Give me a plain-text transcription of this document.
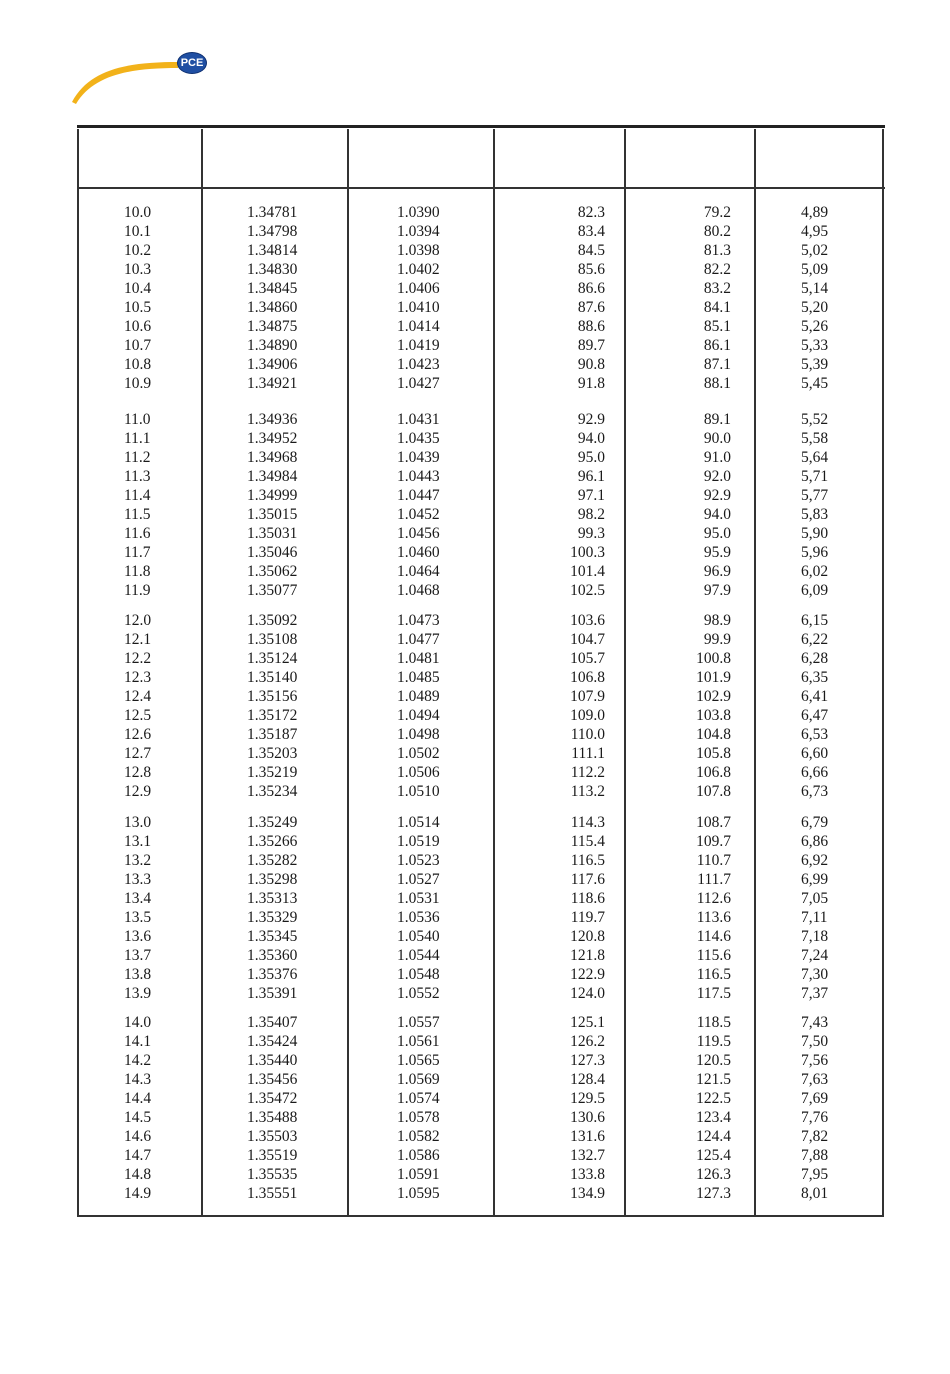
PCE
10.0	1.34781	1.0390	82.3	79.2	4,89
10.1	1.34798	1.0394	83.4	80.2	4,95
10.2	1.34814	1.0398	84.5	81.3	5,02
10.3	1.34830	1.0402	85.6	82.2	5,09
10.4	1.34845	1.0406	86.6	83.2	5,14
10.5	1.34860	1.0410	87.6	84.1	5,20
10.6	1.34875	1.0414	88.6	85.1	5,26
10.7	1.34890	1.0419	89.7	86.1	5,33
10.8	1.34906	1.0423	90.8	87.1	5,39
10.9	1.34921	1.0427	91.8	88.1	5,45
11.0	1.34936	1.0431	92.9	89.1	5,52
11.1	1.34952	1.0435	94.0	90.0	5,58
11.2	1.34968	1.0439	95.0	91.0	5,64
11.3	1.34984	1.0443	96.1	92.0	5,71
11.4	1.34999	1.0447	97.1	92.9	5,77
11.5	1.35015	1.0452	98.2	94.0	5,83
11.6	1.35031	1.0456	99.3	95.0	5,90
11.7	1.35046	1.0460	100.3	95.9	5,96
11.8	1.35062	1.0464	101.4	96.9	6,02
11.9	1.35077	1.0468	102.5	97.9	6,09
12.0	1.35092	1.0473	103.6	98.9	6,15
12.1	1.35108	1.0477	104.7	99.9	6,22
12.2	1.35124	1.0481	105.7	100.8	6,28
12.3	1.35140	1.0485	106.8	101.9	6,35
12.4	1.35156	1.0489	107.9	102.9	6,41
12.5	1.35172	1.0494	109.0	103.8	6,47
12.6	1.35187	1.0498	110.0	104.8	6,53
12.7	1.35203	1.0502	111.1	105.8	6,60
12.8	1.35219	1.0506	112.2	106.8	6,66
12.9	1.35234	1.0510	113.2	107.8	6,73
13.0	1.35249	1.0514	114.3	108.7	6,79
13.1	1.35266	1.0519	115.4	109.7	6,86
13.2	1.35282	1.0523	116.5	110.7	6,92
13.3	1.35298	1.0527	117.6	111.7	6,99
13.4	1.35313	1.0531	118.6	112.6	7,05
13.5	1.35329	1.0536	119.7	113.6	7,11
13.6	1.35345	1.0540	120.8	114.6	7,18
13.7	1.35360	1.0544	121.8	115.6	7,24
13.8	1.35376	1.0548	122.9	116.5	7,30
13.9	1.35391	1.0552	124.0	117.5	7,37
14.0	1.35407	1.0557	125.1	118.5	7,43
14.1	1.35424	1.0561	126.2	119.5	7,50
14.2	1.35440	1.0565	127.3	120.5	7,56
14.3	1.35456	1.0569	128.4	121.5	7,63
14.4	1.35472	1.0574	129.5	122.5	7,69
14.5	1.35488	1.0578	130.6	123.4	7,76
14.6	1.35503	1.0582	131.6	124.4	7,82
14.7	1.35519	1.0586	132.7	125.4	7,88
14.8	1.35535	1.0591	133.8	126.3	7,95
14.9	1.35551	1.0595	134.9	127.3	8,01
